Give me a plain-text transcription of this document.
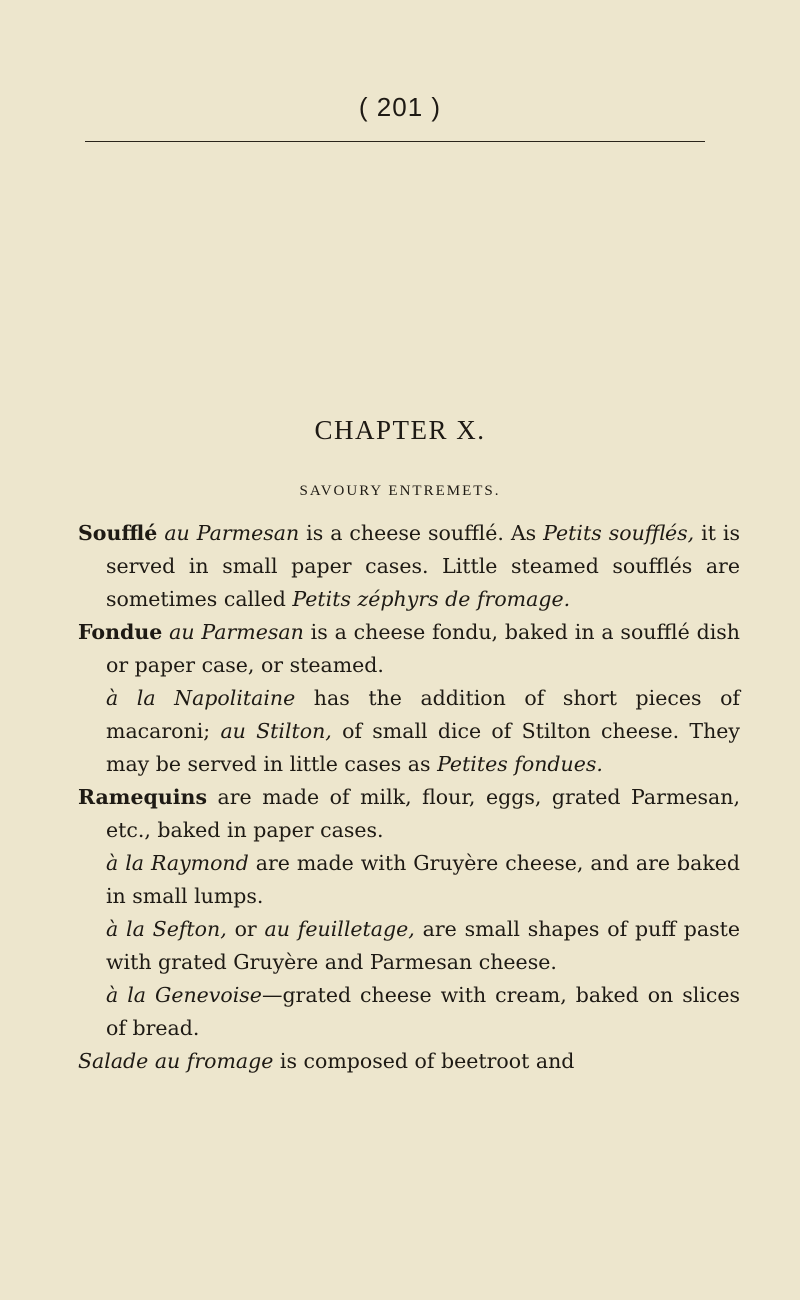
( 201 )
CHAPTER X.
SAVOURY ENTREMETS.

Soufflé au Parmesan is a cheese soufflé. As Petits soufflés, it is served in small paper cases. Little steamed soufflés are sometimes called Petits zéphyrs de fromage.

Fondue au Parmesan is a cheese fondu, baked in a soufflé dish or paper case, or steamed.

à la Napolitaine has the addition of short pieces of macaroni; au Stilton, of small dice of Stilton cheese. They may be served in little cases as Petites fondues.

Ramequins are made of milk, flour, eggs, grated Parmesan, etc., baked in paper cases.

à la Raymond are made with Gruyère cheese, and are baked in small lumps.

à la Sefton, or au feuilletage, are small shapes of puff paste with grated Gruyère and Parmesan cheese.

à la Genevoise—grated cheese with cream, baked on slices of bread.

Salade au fromage is composed of beetroot and
